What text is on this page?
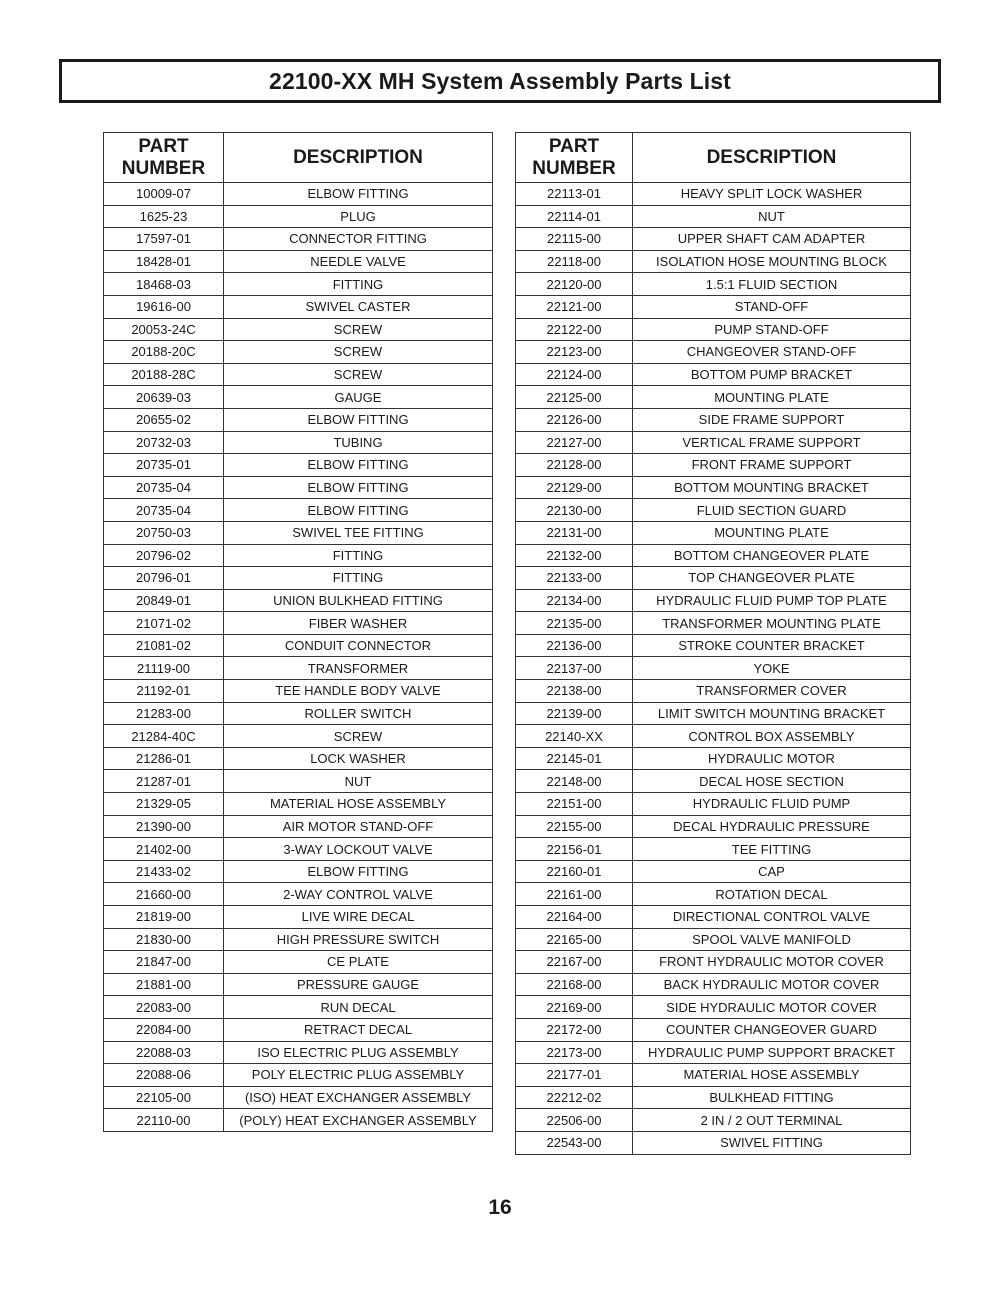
22100-XX MH System Assembly Parts List
PART
NUMBER	DESCRIPTION
10009-07	ELBOW FITTING
1625-23	PLUG
17597-01	CONNECTOR FITTING
18428-01	NEEDLE VALVE
18468-03	FITTING
19616-00	SWIVEL CASTER
20053-24C	SCREW
20188-20C	SCREW
20188-28C	SCREW
20639-03	GAUGE
20655-02	ELBOW FITTING
20732-03	TUBING
20735-01	ELBOW FITTING
20735-04	ELBOW FITTING
20735-04	ELBOW FITTING
20750-03	SWIVEL TEE FITTING
20796-02	FITTING
20796-01	FITTING
20849-01	UNION BULKHEAD FITTING
21071-02	FIBER WASHER
21081-02	CONDUIT CONNECTOR
21119-00	TRANSFORMER
21192-01	TEE HANDLE BODY VALVE
21283-00	ROLLER SWITCH
21284-40C	SCREW
21286-01	LOCK WASHER
21287-01	NUT
21329-05	MATERIAL HOSE ASSEMBLY
21390-00	AIR MOTOR STAND-OFF
21402-00	3-WAY LOCKOUT VALVE
21433-02	ELBOW FITTING
21660-00	2-WAY CONTROL VALVE
21819-00	LIVE WIRE DECAL
21830-00	HIGH PRESSURE SWITCH
21847-00	CE PLATE
21881-00	PRESSURE GAUGE
22083-00	RUN DECAL
22084-00	RETRACT DECAL
22088-03	ISO ELECTRIC PLUG ASSEMBLY
22088-06	POLY ELECTRIC PLUG ASSEMBLY
22105-00	(ISO) HEAT EXCHANGER ASSEMBLY
22110-00	(POLY) HEAT EXCHANGER ASSEMBLY
PART
NUMBER	DESCRIPTION
22113-01	HEAVY SPLIT LOCK WASHER
22114-01	NUT
22115-00	UPPER SHAFT CAM ADAPTER
22118-00	ISOLATION HOSE MOUNTING BLOCK
22120-00	1.5:1 FLUID SECTION
22121-00	STAND-OFF
22122-00	PUMP STAND-OFF
22123-00	CHANGEOVER STAND-OFF
22124-00	BOTTOM PUMP BRACKET
22125-00	MOUNTING PLATE
22126-00	SIDE FRAME SUPPORT
22127-00	VERTICAL FRAME SUPPORT
22128-00	FRONT FRAME SUPPORT
22129-00	BOTTOM MOUNTING BRACKET
22130-00	FLUID SECTION GUARD
22131-00	MOUNTING PLATE
22132-00	BOTTOM CHANGEOVER PLATE
22133-00	TOP CHANGEOVER PLATE
22134-00	HYDRAULIC FLUID PUMP TOP PLATE
22135-00	TRANSFORMER MOUNTING PLATE
22136-00	STROKE COUNTER BRACKET
22137-00	YOKE
22138-00	TRANSFORMER COVER
22139-00	LIMIT SWITCH MOUNTING BRACKET
22140-XX	CONTROL BOX ASSEMBLY
22145-01	HYDRAULIC MOTOR
22148-00	DECAL HOSE SECTION
22151-00	HYDRAULIC FLUID PUMP
22155-00	DECAL HYDRAULIC PRESSURE
22156-01	TEE FITTING
22160-01	CAP
22161-00	ROTATION DECAL
22164-00	DIRECTIONAL CONTROL VALVE
22165-00	SPOOL VALVE MANIFOLD
22167-00	FRONT HYDRAULIC MOTOR COVER
22168-00	BACK HYDRAULIC MOTOR COVER
22169-00	SIDE HYDRAULIC MOTOR COVER
22172-00	COUNTER CHANGEOVER GUARD
22173-00	HYDRAULIC PUMP SUPPORT BRACKET
22177-01	MATERIAL HOSE ASSEMBLY
22212-02	BULKHEAD FITTING
22506-00	2 IN / 2 OUT TERMINAL
22543-00	SWIVEL FITTING
16
